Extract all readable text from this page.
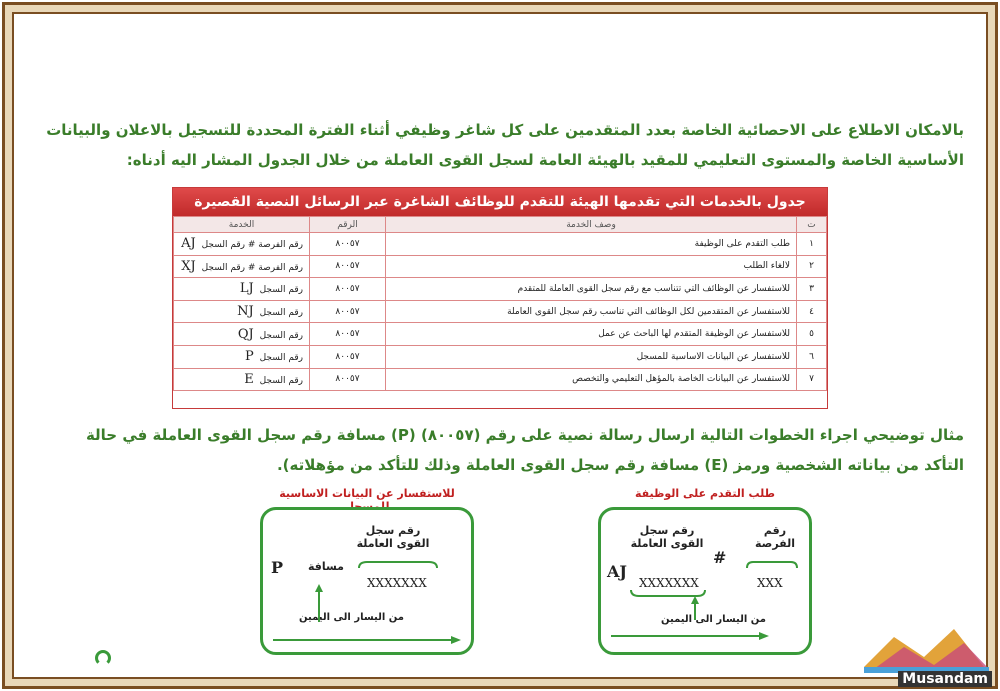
بالامكان الاطلاع على الاحصائية الخاصة بعدد المتقدمين على كل شاغر وظيفي أثناء الفترة المحددة للتسجيل بالاعلان والبيانات الأساسية الخاصة والمستوى التعليمي للمقيد بالهيئة العامة لسجل القوى العاملة من خلال الجدول المشار اليه أدناه:

جدول بالخدمات التي تقدمها الهيئة للتقدم للوظائف الشاغرة عبر الرسائل النصية القصيرة
ت	وصف الخدمة	الرقم	الخدمة
١	طلب التقدم على الوظيفة	٨٠٠٥٧	رقم الفرصة # رقم السجل AJ
٢	لالغاء الطلب	٨٠٠٥٧	رقم الفرصة # رقم السجل XJ
٣	للاستفسار عن الوظائف التي تتناسب مع رقم سجل القوى العاملة للمتقدم	٨٠٠٥٧	رقم السجل LJ
٤	للاستفسار عن المتقدمين لكل الوظائف التي تناسب رقم سجل القوى العاملة	٨٠٠٥٧	رقم السجل NJ
٥	للاستفسار عن الوظيفة المتقدم لها الباحث عن عمل	٨٠٠٥٧	رقم السجل QJ
٦	للاستفسار عن البيانات الاساسية للمسجل	٨٠٠٥٧	رقم السجل P
٧	للاستفسار عن البيانات الخاصة بالمؤهل التعليمي والتخصص	٨٠٠٥٧	رقم السجل E

مثال توضيحي اجراء الخطوات التالية ارسال رسالة نصية على رقم (٨٠٠٥٧) (P) مسافة رقم سجل القوى العاملة في حالة التأكد من بياناته الشخصية ورمز (E) مسافة رقم سجل القوى العاملة وذلك للتأكد من مؤهلاته).

للاستفسار عن البيانات الاساسية
رقم سجل القوى العاملة
XXXXXXX
مسافة
P
من اليسار الى اليمين
طلب التقدم على الوظيفة
رقم الفرصة
XXX
#
رقم سجل القوى العاملة
XXXXXXX
AJ
من اليسار الى اليمين
Musandam
